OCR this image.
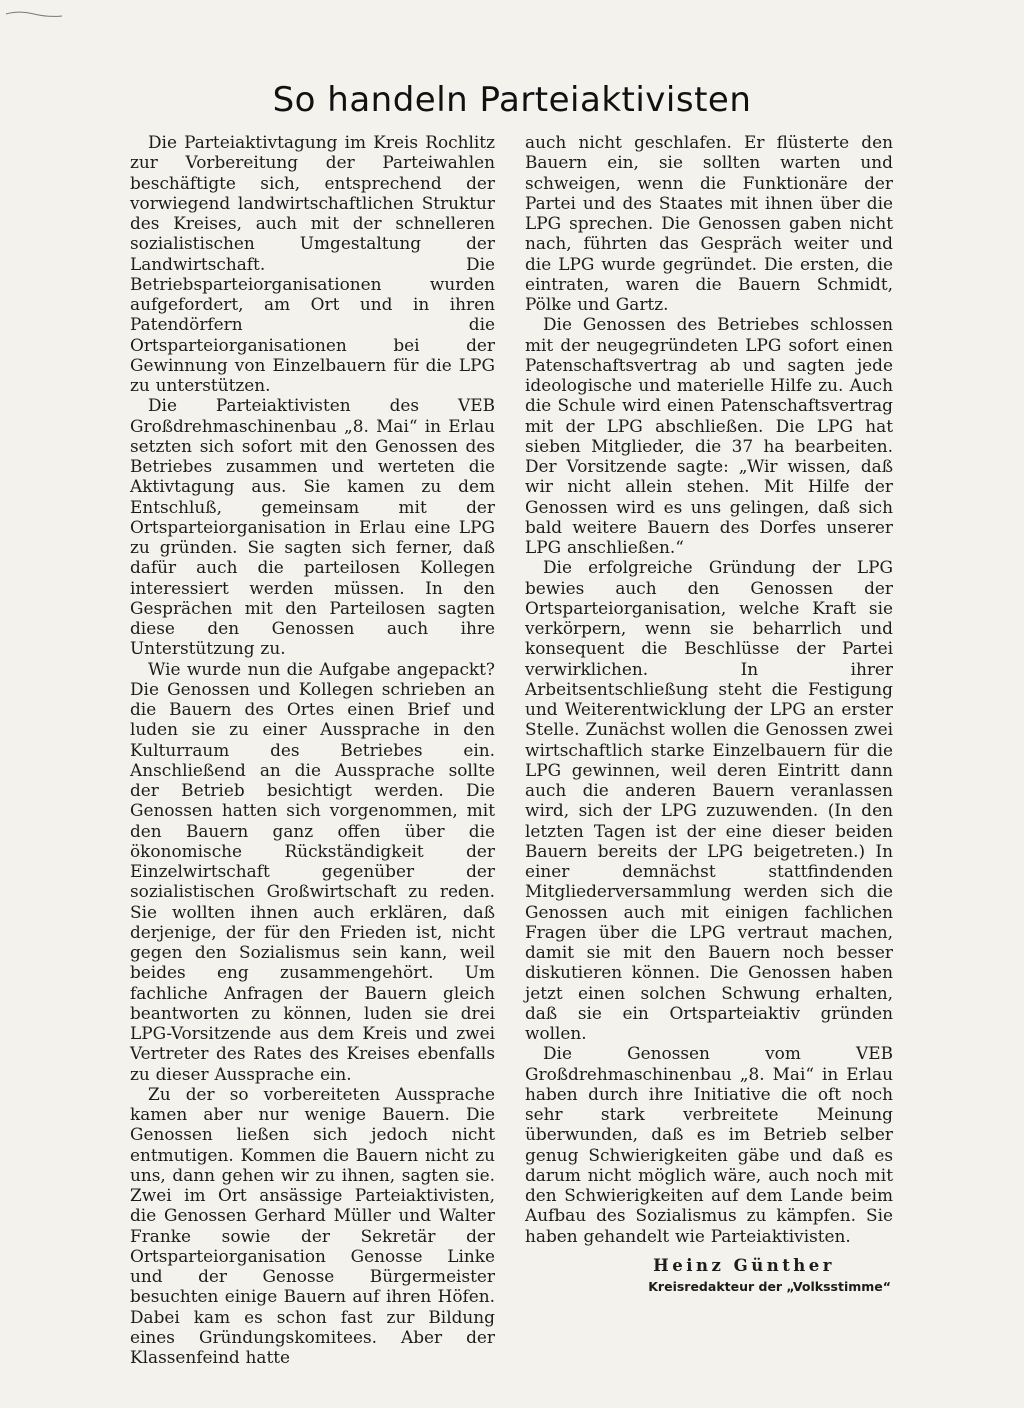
So handeln Parteiaktivisten

Die Parteiaktivtagung im Kreis Rochlitz zur Vorbereitung der Parteiwahlen beschäftigte sich, entsprechend der vorwiegend landwirtschaftlichen Struktur des Kreises, auch mit der schnelleren sozialistischen Umgestaltung der Landwirtschaft. Die Betriebsparteiorganisationen wurden aufgefordert, am Ort und in ihren Patendörfern die Ortsparteiorganisationen bei der Gewinnung von Einzelbauern für die LPG zu unterstützen.

Die Parteiaktivisten des VEB Großdrehmaschinenbau „8. Mai“ in Erlau setzten sich sofort mit den Genossen des Betriebes zusammen und werteten die Aktivtagung aus. Sie kamen zu dem Entschluß, gemeinsam mit der Ortsparteiorganisation in Erlau eine LPG zu gründen. Sie sagten sich ferner, daß dafür auch die parteilosen Kollegen interessiert werden müssen. In den Gesprächen mit den Parteilosen sagten diese den Genossen auch ihre Unterstützung zu.

Wie wurde nun die Aufgabe angepackt? Die Genossen und Kollegen schrieben an die Bauern des Ortes einen Brief und luden sie zu einer Aussprache in den Kulturraum des Betriebes ein. Anschließend an die Aussprache sollte der Betrieb besichtigt werden. Die Genossen hatten sich vorgenommen, mit den Bauern ganz offen über die ökonomische Rückständigkeit der Einzelwirtschaft gegenüber der sozialistischen Großwirtschaft zu reden. Sie wollten ihnen auch erklären, daß derjenige, der für den Frieden ist, nicht gegen den Sozialismus sein kann, weil beides eng zusammengehört. Um fachliche Anfragen der Bauern gleich beantworten zu können, luden sie drei LPG-Vorsitzende aus dem Kreis und zwei Vertreter des Rates des Kreises ebenfalls zu dieser Aussprache ein.

Zu der so vorbereiteten Aussprache kamen aber nur wenige Bauern. Die Genossen ließen sich jedoch nicht entmutigen. Kommen die Bauern nicht zu uns, dann gehen wir zu ihnen, sagten sie. Zwei im Ort ansässige Parteiaktivisten, die Genossen Gerhard Müller und Walter Franke sowie der Sekretär der Ortsparteiorganisation Genosse Linke und der Genosse Bürgermeister besuchten einige Bauern auf ihren Höfen. Dabei kam es schon fast zur Bildung eines Gründungskomitees. Aber der Klassenfeind hatte

auch nicht geschlafen. Er flüsterte den Bauern ein, sie sollten warten und schweigen, wenn die Funktionäre der Partei und des Staates mit ihnen über die LPG sprechen. Die Genossen gaben nicht nach, führten das Gespräch weiter und die LPG wurde gegründet. Die ersten, die eintraten, waren die Bauern Schmidt, Pölke und Gartz.

Die Genossen des Betriebes schlossen mit der neugegründeten LPG sofort einen Patenschaftsvertrag ab und sagten jede ideologische und materielle Hilfe zu. Auch die Schule wird einen Patenschaftsvertrag mit der LPG abschließen. Die LPG hat sieben Mitglieder, die 37 ha bearbeiten. Der Vorsitzende sagte: „Wir wissen, daß wir nicht allein stehen. Mit Hilfe der Genossen wird es uns gelingen, daß sich bald weitere Bauern des Dorfes unserer LPG anschließen.“

Die erfolgreiche Gründung der LPG bewies auch den Genossen der Ortsparteiorganisation, welche Kraft sie verkörpern, wenn sie beharrlich und konsequent die Beschlüsse der Partei verwirklichen. In ihrer Arbeitsentschließung steht die Festigung und Weiterentwicklung der LPG an erster Stelle. Zunächst wollen die Genossen zwei wirtschaftlich starke Einzelbauern für die LPG gewinnen, weil deren Eintritt dann auch die anderen Bauern veranlassen wird, sich der LPG zuzuwenden. (In den letzten Tagen ist der eine dieser beiden Bauern bereits der LPG beigetreten.) In einer demnächst stattfindenden Mitgliederversammlung werden sich die Genossen auch mit einigen fachlichen Fragen über die LPG vertraut machen, damit sie mit den Bauern noch besser diskutieren können. Die Genossen haben jetzt einen solchen Schwung erhalten, daß sie ein Ortsparteiaktiv gründen wollen.

Die Genossen vom VEB Großdrehmaschinenbau „8. Mai“ in Erlau haben durch ihre Initiative die oft noch sehr stark verbreitete Meinung überwunden, daß es im Betrieb selber genug Schwierigkeiten gäbe und daß es darum nicht möglich wäre, auch noch mit den Schwierigkeiten auf dem Lande beim Aufbau des Sozialismus zu kämpfen. Sie haben gehandelt wie Parteiaktivisten.

Heinz Günther
Kreisredakteur der „Volksstimme“
